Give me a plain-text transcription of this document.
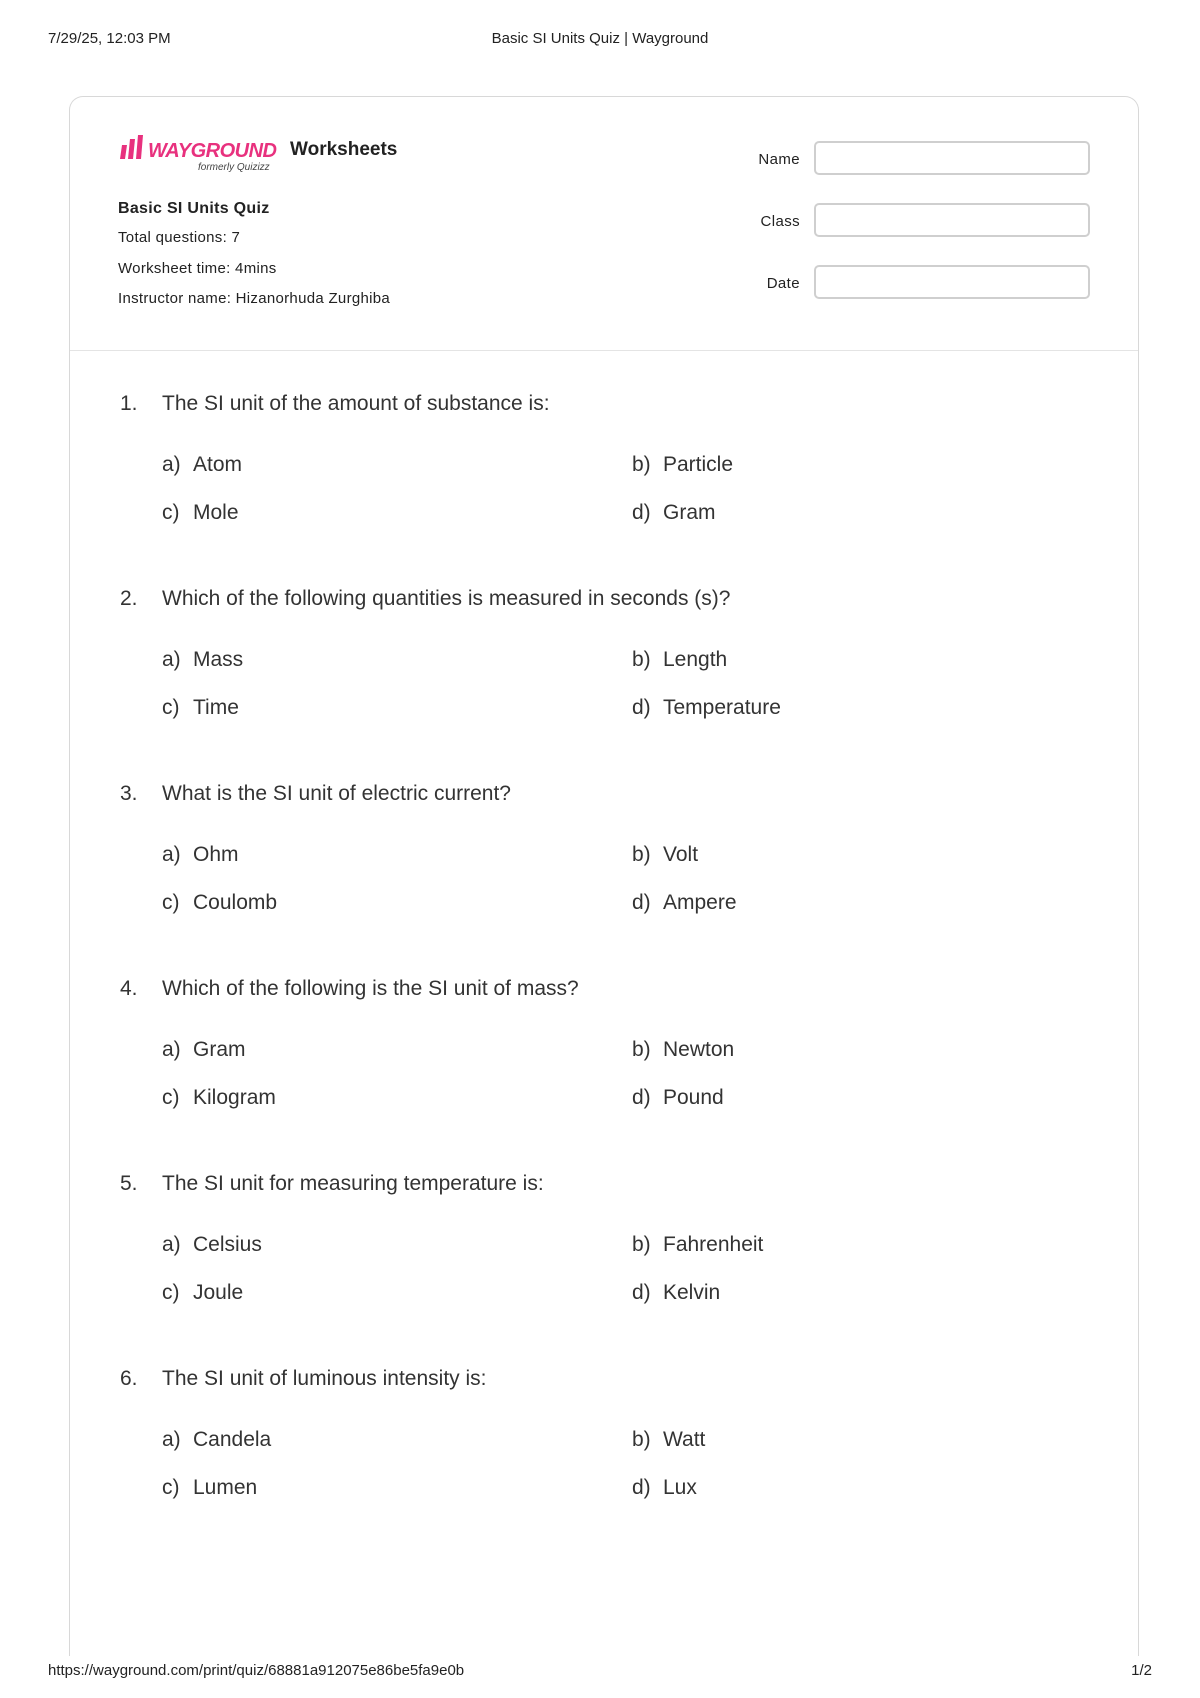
7/29/25, 12:03 PM	Basic SI Units Quiz | Wayground
WAYGROUND
formerly Quizizz
Worksheets
Basic SI Units Quiz
Total questions: 7
Worksheet time: 4mins
Instructor name: Hizanorhuda Zurghiba
Name
Class
Date
1. The SI unit of the amount of substance is:
a) Atom	b) Particle
c) Mole	d) Gram
2. Which of the following quantities is measured in seconds (s)?
a) Mass	b) Length
c) Time	d) Temperature
3. What is the SI unit of electric current?
a) Ohm	b) Volt
c) Coulomb	d) Ampere
4. Which of the following is the SI unit of mass?
a) Gram	b) Newton
c) Kilogram	d) Pound
5. The SI unit for measuring temperature is:
a) Celsius	b) Fahrenheit
c) Joule	d) Kelvin
6. The SI unit of luminous intensity is:
a) Candela	b) Watt
c) Lumen	d) Lux
https://wayground.com/print/quiz/68881a912075e86be5fa9e0b	1/2
